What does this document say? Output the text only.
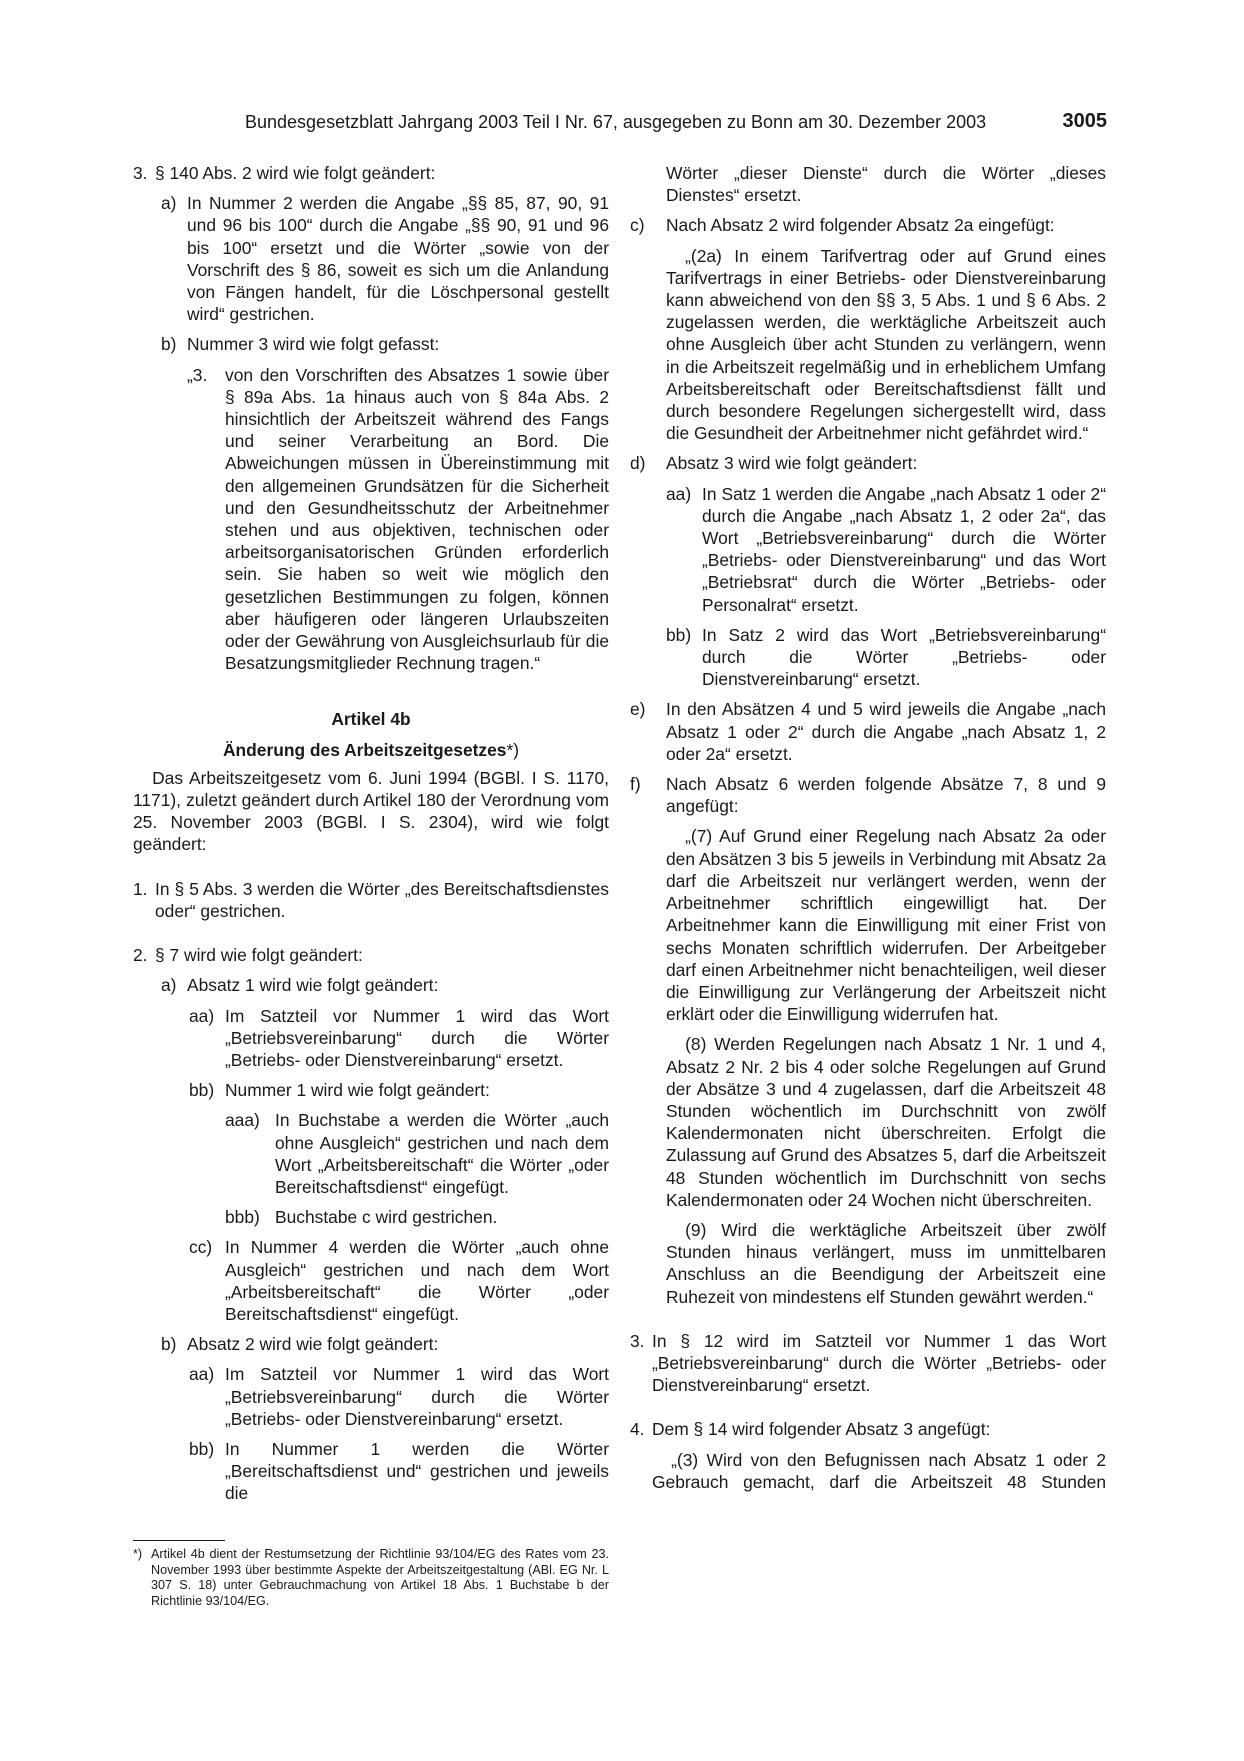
Bundesgesetzblatt Jahrgang 2003 Teil I Nr. 67, ausgegeben zu Bonn am 30. Dezember 2003	3005
3. § 140 Abs. 2 wird wie folgt geändert:
a) In Nummer 2 werden die Angabe „§§ 85, 87, 90, 91 und 96 bis 100“ durch die Angabe „§§ 90, 91 und 96 bis 100“ ersetzt und die Wörter „sowie von der Vorschrift des § 86, soweit es sich um die Anlandung von Fängen handelt, für die Löschpersonal gestellt wird“ gestrichen.
b) Nummer 3 wird wie folgt gefasst:
„3. von den Vorschriften des Absatzes 1 sowie über § 89a Abs. 1a hinaus auch von § 84a Abs. 2 hinsichtlich der Arbeitszeit während des Fangs und seiner Verarbeitung an Bord. Die Abweichungen müssen in Übereinstimmung mit den allgemeinen Grundsätzen für die Sicherheit und den Gesundheitsschutz der Arbeitnehmer stehen und aus objektiven, technischen oder arbeitsorganisatorischen Gründen erforderlich sein. Sie haben so weit wie möglich den gesetzlichen Bestimmungen zu folgen, können aber häufigeren oder längeren Urlaubszeiten oder der Gewährung von Ausgleichsurlaub für die Besatzungsmitglieder Rechnung tragen.“

Artikel 4b

Änderung des Arbeitszeitgesetzes*)

Das Arbeitszeitgesetz vom 6. Juni 1994 (BGBl. I S. 1170, 1171), zuletzt geändert durch Artikel 180 der Verordnung vom 25. November 2003 (BGBl. I S. 2304), wird wie folgt geändert:

1. In § 5 Abs. 3 werden die Wörter „des Bereitschaftsdienstes oder“ gestrichen.
2. § 7 wird wie folgt geändert:
a) Absatz 1 wird wie folgt geändert:
aa) Im Satzteil vor Nummer 1 wird das Wort „Betriebsvereinbarung“ durch die Wörter „Betriebs- oder Dienstvereinbarung“ ersetzt.
bb) Nummer 1 wird wie folgt geändert:
aaa) In Buchstabe a werden die Wörter „auch ohne Ausgleich“ gestrichen und nach dem Wort „Arbeitsbereitschaft“ die Wörter „oder Bereitschaftsdienst“ eingefügt.
bbb) Buchstabe c wird gestrichen.
cc) In Nummer 4 werden die Wörter „auch ohne Ausgleich“ gestrichen und nach dem Wort „Arbeitsbereitschaft“ die Wörter „oder Bereitschaftsdienst“ eingefügt.
b) Absatz 2 wird wie folgt geändert:
aa) Im Satzteil vor Nummer 1 wird das Wort „Betriebsvereinbarung“ durch die Wörter „Betriebs- oder Dienstvereinbarung“ ersetzt.
bb) In Nummer 1 werden die Wörter „Bereitschaftsdienst und“ gestrichen und jeweils die
Wörter „dieser Dienste“ durch die Wörter „dieses Dienstes“ ersetzt.
c) Nach Absatz 2 wird folgender Absatz 2a eingefügt:
„(2a) In einem Tarifvertrag oder auf Grund eines Tarifvertrags in einer Betriebs- oder Dienstvereinbarung kann abweichend von den §§ 3, 5 Abs. 1 und § 6 Abs. 2 zugelassen werden, die werktägliche Arbeitszeit auch ohne Ausgleich über acht Stunden zu verlängern, wenn in die Arbeitszeit regelmäßig und in erheblichem Umfang Arbeitsbereitschaft oder Bereitschaftsdienst fällt und durch besondere Regelungen sichergestellt wird, dass die Gesundheit der Arbeitnehmer nicht gefährdet wird.“
d) Absatz 3 wird wie folgt geändert:
aa) In Satz 1 werden die Angabe „nach Absatz 1 oder 2“ durch die Angabe „nach Absatz 1, 2 oder 2a“, das Wort „Betriebsvereinbarung“ durch die Wörter „Betriebs- oder Dienstvereinbarung“ und das Wort „Betriebsrat“ durch die Wörter „Betriebs- oder Personalrat“ ersetzt.
bb) In Satz 2 wird das Wort „Betriebsvereinbarung“ durch die Wörter „Betriebs- oder Dienstvereinbarung“ ersetzt.
e) In den Absätzen 4 und 5 wird jeweils die Angabe „nach Absatz 1 oder 2“ durch die Angabe „nach Absatz 1, 2 oder 2a“ ersetzt.
f) Nach Absatz 6 werden folgende Absätze 7, 8 und 9 angefügt:
„(7) Auf Grund einer Regelung nach Absatz 2a oder den Absätzen 3 bis 5 jeweils in Verbindung mit Absatz 2a darf die Arbeitszeit nur verlängert werden, wenn der Arbeitnehmer schriftlich eingewilligt hat. Der Arbeitnehmer kann die Einwilligung mit einer Frist von sechs Monaten schriftlich widerrufen. Der Arbeitgeber darf einen Arbeitnehmer nicht benachteiligen, weil dieser die Einwilligung zur Verlängerung der Arbeitszeit nicht erklärt oder die Einwilligung widerrufen hat.
(8) Werden Regelungen nach Absatz 1 Nr. 1 und 4, Absatz 2 Nr. 2 bis 4 oder solche Regelungen auf Grund der Absätze 3 und 4 zugelassen, darf die Arbeitszeit 48 Stunden wöchentlich im Durchschnitt von zwölf Kalendermonaten nicht überschreiten. Erfolgt die Zulassung auf Grund des Absatzes 5, darf die Arbeitszeit 48 Stunden wöchentlich im Durchschnitt von sechs Kalendermonaten oder 24 Wochen nicht überschreiten.
(9) Wird die werktägliche Arbeitszeit über zwölf Stunden hinaus verlängert, muss im unmittelbaren Anschluss an die Beendigung der Arbeitszeit eine Ruhezeit von mindestens elf Stunden gewährt werden.“
3. In § 12 wird im Satzteil vor Nummer 1 das Wort „Betriebsvereinbarung“ durch die Wörter „Betriebs- oder Dienstvereinbarung“ ersetzt.
4. Dem § 14 wird folgender Absatz 3 angefügt:
„(3) Wird von den Befugnissen nach Absatz 1 oder 2 Gebrauch gemacht, darf die Arbeitszeit 48 Stunden
*) Artikel 4b dient der Restumsetzung der Richtlinie 93/104/EG des Rates vom 23. November 1993 über bestimmte Aspekte der Arbeitszeitgestaltung (ABl. EG Nr. L 307 S. 18) unter Gebrauchmachung von Artikel 18 Abs. 1 Buchstabe b der Richtlinie 93/104/EG.
